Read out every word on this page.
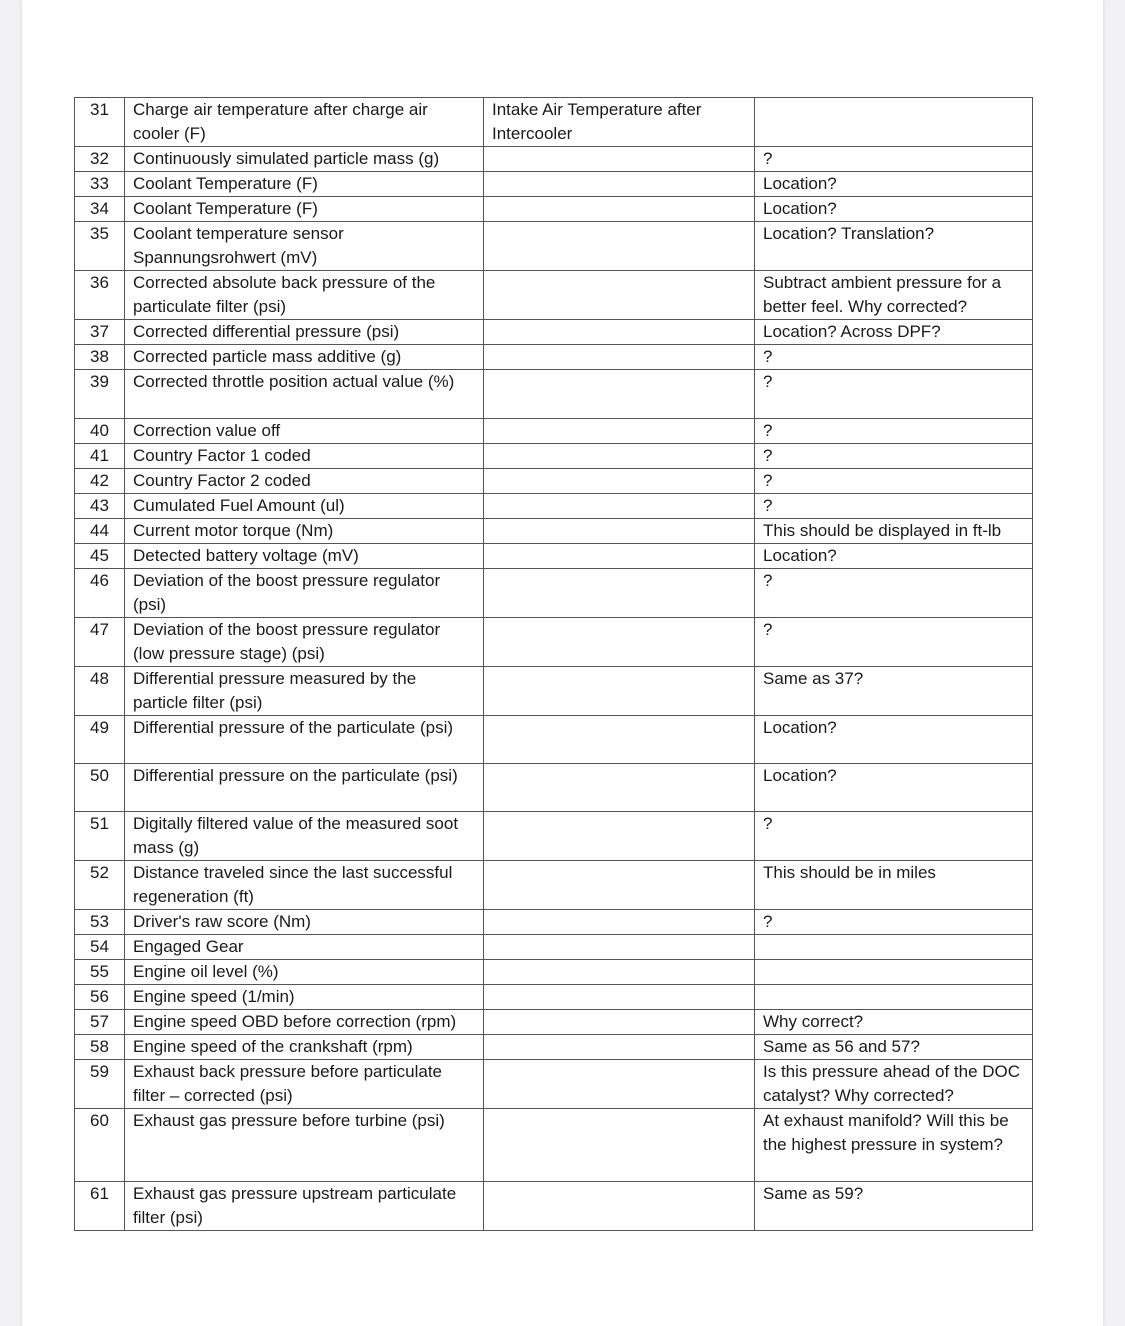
31	Charge air temperature after charge air cooler (F)	Intake Air Temperature after Intercooler	
32	Continuously simulated particle mass (g)		?
33	Coolant Temperature (F)		Location?
34	Coolant Temperature (F)		Location?
35	Coolant temperature sensor Spannungsrohwert (mV)		Location? Translation?
36	Corrected absolute back pressure of the particulate filter (psi)		Subtract ambient pressure for a better feel. Why corrected?
37	Corrected differential pressure (psi)		Location? Across DPF?
38	Corrected particle mass additive (g)		?
39	Corrected throttle position actual value (%)		?
40	Correction value off		?
41	Country Factor 1 coded		?
42	Country Factor 2 coded		?
43	Cumulated Fuel Amount (ul)		?
44	Current motor torque (Nm)		This should be displayed in ft-lb
45	Detected battery voltage (mV)		Location?
46	Deviation of the boost pressure regulator (psi)		?
47	Deviation of the boost pressure regulator (low pressure stage) (psi)		?
48	Differential pressure measured by the particle filter (psi)		Same as 37?
49	Differential pressure of the particulate (psi)		Location?
50	Differential pressure on the particulate (psi)		Location?
51	Digitally filtered value of the measured soot mass (g)		?
52	Distance traveled since the last successful regeneration (ft)		This should be in miles
53	Driver's raw score (Nm)		?
54	Engaged Gear		
55	Engine oil level (%)		
56	Engine speed (1/min)		
57	Engine speed OBD before correction (rpm)		Why correct?
58	Engine speed of the crankshaft (rpm)		Same as 56 and 57?
59	Exhaust back pressure before particulate filter – corrected (psi)		Is this pressure ahead of the DOC catalyst? Why corrected?
60	Exhaust gas pressure before turbine (psi)		At exhaust manifold? Will this be the highest pressure in system?
61	Exhaust gas pressure upstream particulate filter (psi)		Same as 59?
